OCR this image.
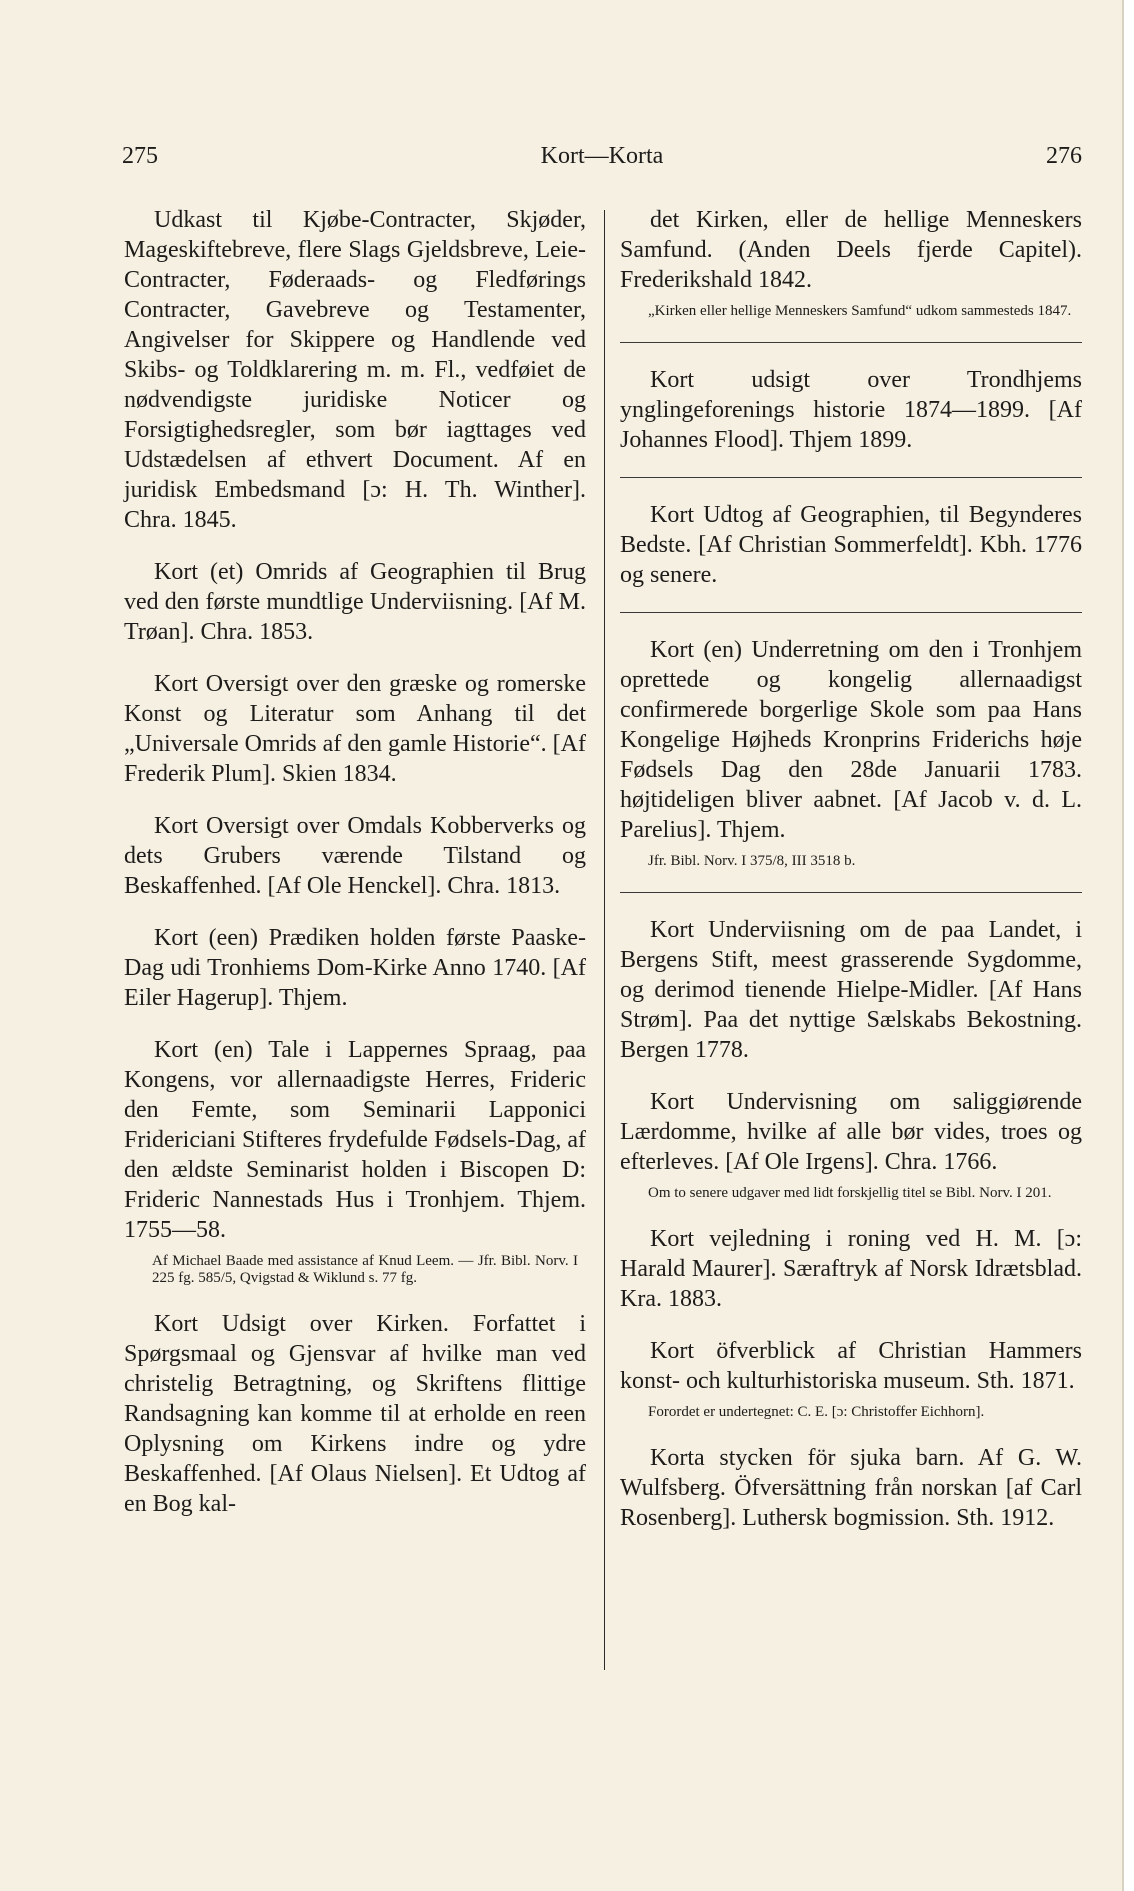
275	Kort—Korta	276

Udkast til Kjøbe-Contracter, Skjøder, Mageskiftebreve, flere Slags Gjeldsbreve, Leie-Contracter, Føderaads- og Fledførings Contracter, Gavebreve og Testamenter, Angivelser for Skippere og Handlende ved Skibs- og Toldklarering m. m. Fl., vedføiet de nødvendigste juridiske Noticer og Forsigtighedsregler, som bør iagttages ved Udstædelsen af ethvert Document. Af en juridisk Embedsmand [ɔ: H. Th. Winther]. Chra. 1845.

Kort (et) Omrids af Geographien til Brug ved den første mundtlige Underviisning. [Af M. Trøan]. Chra. 1853.

Kort Oversigt over den græske og romerske Konst og Literatur som Anhang til det „Universale Omrids af den gamle Historie“. [Af Frederik Plum]. Skien 1834.

Kort Oversigt over Omdals Kobberverks og dets Grubers værende Tilstand og Beskaffenhed. [Af Ole Henckel]. Chra. 1813.

Kort (een) Prædiken holden første Paaske-Dag udi Tronhiems Dom-Kirke Anno 1740. [Af Eiler Hagerup]. Thjem.

Kort (en) Tale i Lappernes Spraag, paa Kongens, vor allernaadigste Herres, Frideric den Femte, som Seminarii Lapponici Fridericiani Stifteres frydefulde Fødsels-Dag, af den ældste Seminarist holden i Biscopen D: Frideric Nannestads Hus i Tronhjem. Thjem. 1755—58.

Af Michael Baade med assistance af Knud Leem. — Jfr. Bibl. Norv. I 225 fg. 585/5, Qvigstad & Wiklund s. 77 fg.

Kort Udsigt over Kirken. Forfattet i Spørgsmaal og Gjensvar af hvilke man ved christelig Betragtning, og Skriftens flittige Randsagning kan komme til at erholde en reen Oplysning om Kirkens indre og ydre Beskaffenhed. [Af Olaus Nielsen]. Et Udtog af en Bog kal-

det Kirken, eller de hellige Menneskers Samfund. (Anden Deels fjerde Capitel). Frederikshald 1842.

„Kirken eller hellige Menneskers Samfund“ udkom sammesteds 1847.

Kort udsigt over Trondhjems ynglingeforenings historie 1874—1899. [Af Johannes Flood]. Thjem 1899.

Kort Udtog af Geographien, til Begynderes Bedste. [Af Christian Sommerfeldt]. Kbh. 1776 og senere.

Kort (en) Underretning om den i Tronhjem oprettede og kongelig allernaadigst confirmerede borgerlige Skole som paa Hans Kongelige Højheds Kronprins Friderichs høje Fødsels Dag den 28de Januarii 1783. højtideligen bliver aabnet. [Af Jacob v. d. L. Parelius]. Thjem.

Jfr. Bibl. Norv. I 375/8, III 3518 b.

Kort Underviisning om de paa Landet, i Bergens Stift, meest grasserende Sygdomme, og derimod tienende Hielpe-Midler. [Af Hans Strøm]. Paa det nyttige Sælskabs Bekostning. Bergen 1778.

Kort Undervisning om saliggiørende Lærdomme, hvilke af alle bør vides, troes og efterleves. [Af Ole Irgens]. Chra. 1766.

Om to senere udgaver med lidt forskjellig titel se Bibl. Norv. I 201.

Kort vejledning i roning ved H. M. [ɔ: Harald Maurer]. Særaftryk af Norsk Idrætsblad. Kra. 1883.

Kort öfverblick af Christian Hammers konst- och kulturhistoriska museum. Sth. 1871.

Forordet er undertegnet: C. E. [ɔ: Christoffer Eichhorn].

Korta stycken för sjuka barn. Af G. W. Wulfsberg. Öfversättning från norskan [af Carl Rosenberg]. Luthersk bogmission. Sth. 1912.
